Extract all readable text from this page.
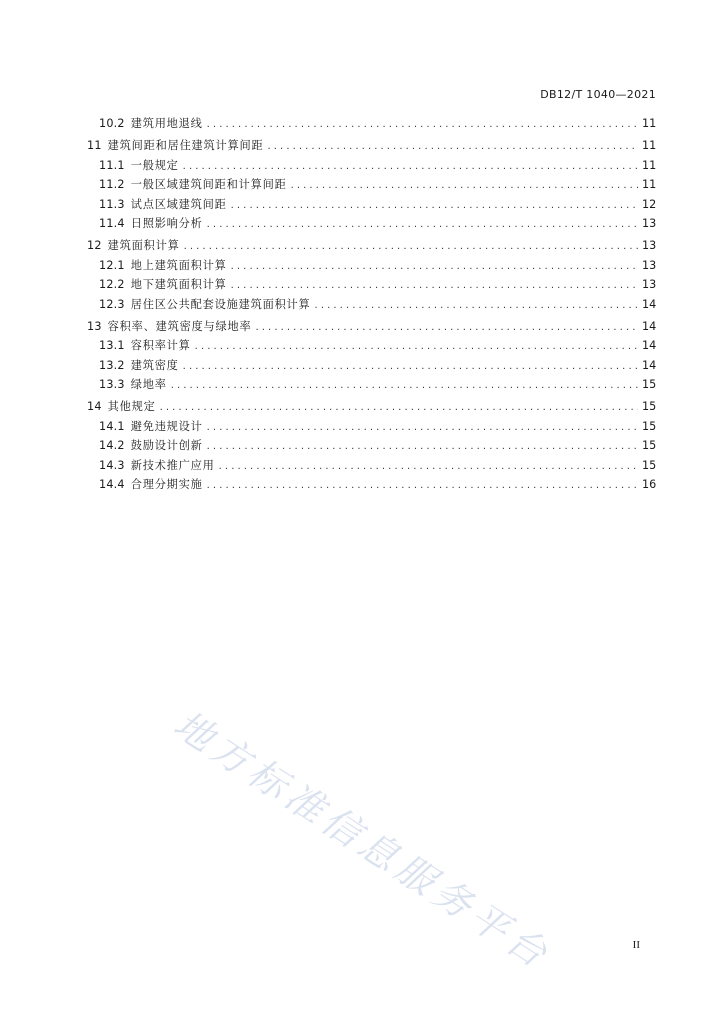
DB12/T 1040—2021
10.2 建筑用地退线 .....	11
11 建筑间距和居住建筑计算间距 .....	11
11.1 一般规定 .....	11
11.2 一般区域建筑间距和计算间距 .....	11
11.3 试点区域建筑间距 .....	12
11.4 日照影响分析 .....	13
12 建筑面积计算 .....	13
12.1 地上建筑面积计算 .....	13
12.2 地下建筑面积计算 .....	13
12.3 居住区公共配套设施建筑面积计算 .....	14
13 容积率、建筑密度与绿地率 .....	14
13.1 容积率计算 .....	14
13.2 建筑密度 .....	14
13.3 绿地率 .....	15
14 其他规定 .....	15
14.1 避免违规设计 .....	15
14.2 鼓励设计创新 .....	15
14.3 新技术推广应用 .....	15
14.4 合理分期实施 .....	16
地方标准信息服务平台	II
